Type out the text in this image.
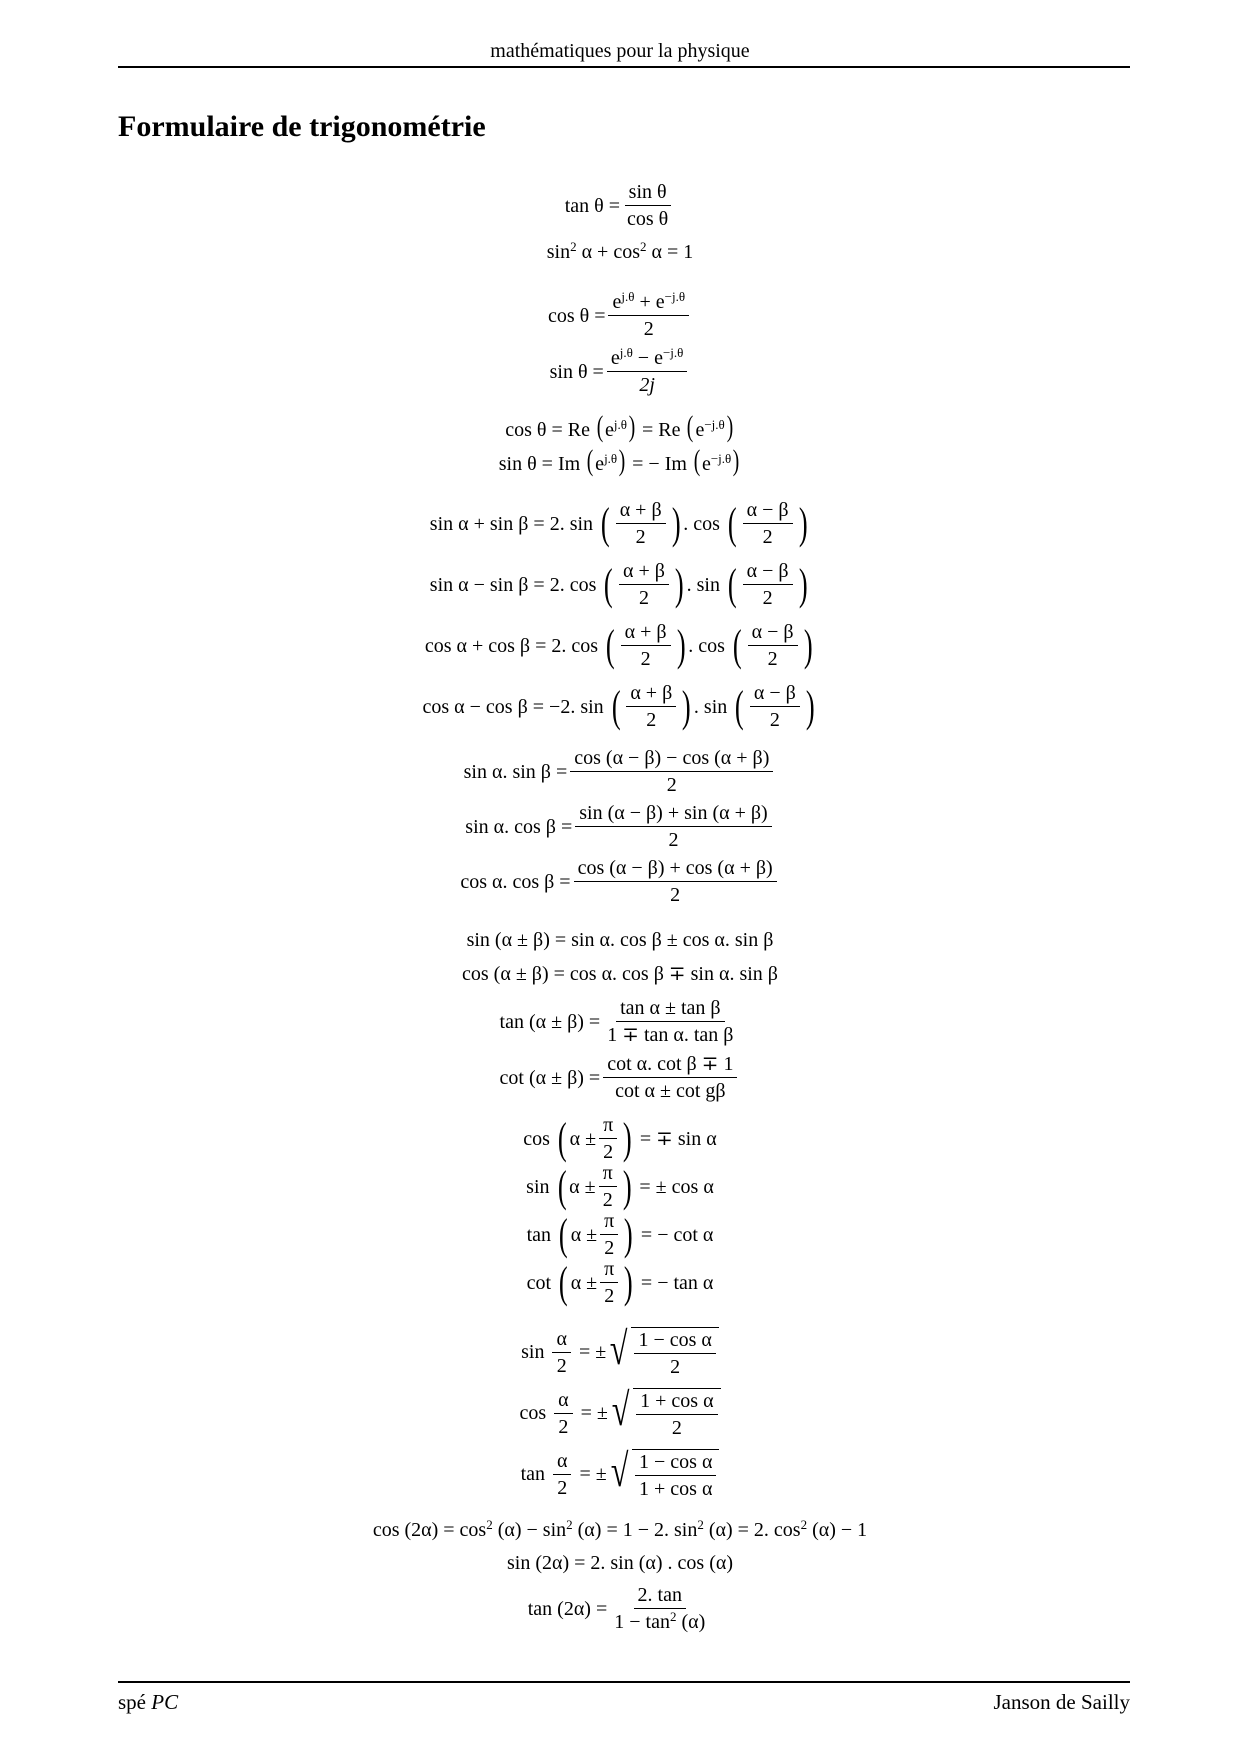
mathématiques pour la physique
Formulaire de trigonométrie
$\tan \theta = \frac{\text{sin θ}}{\text{cos θ}}$
$\sin^2 \alpha + \cos^2 \alpha = 1$
$\cos \theta = \frac{e^{j.\theta} + e^{-j.\theta}}{2}$
$\sin \theta = \frac{e^{j.\theta} - e^{-j.\theta}}{2j}$
cos θ = Re $(e^{j.\theta}) = Re$ $(e^{-j.\theta})$
sin θ = Im $(e^{j.\theta})$ = − Im $(e^{-j.\theta})$
sin α + sin β = 2. sin
( $\frac{\alpha + \beta}{2}$ ) . cos
( $\frac{\alpha - \beta}{2}$ )
sin α − sin β = 2. cos
( $\frac{\alpha + \beta}{2}$ ) . sin
( $\frac{\alpha - \beta}{2}$ )
cos α + cos β = 2. cos
( $\frac{\alpha + \beta}{2}$ ) . cos
( $\frac{\alpha - \beta}{2}$ )
cos α − cos β = −2. sin
( $\frac{\alpha + \beta}{2}$ ) . sin
( $\frac{\alpha - \beta}{2}$ )
sin α. $\sin \beta = \frac{\cos (\alpha - \beta) - \cos (\alpha + \beta)}{2}$
sin α. $\cos \beta = \frac{\sin (\alpha - \beta) + \sin (\alpha + \beta)}{2}$
cos α. $\cos \beta = \frac{\cos (\alpha - \beta) + \cos (\alpha + \beta)}{2}$
sin (α ± β) = sin α. cos β ± cos α. sin β
cos (α ± β) = cos α. cos β ∓ sin α. sin β
$\tan (\alpha \pm \beta) = \frac{\text{tan α ± tan β}}{\text{1 ∓ tan α. tan β}}$
$\cot (\alpha \pm \beta) = \frac{\text{cot α. cot β ∓ 1}}{\text{cot α ± cot gβ}}$
cos
( $\alpha \pm \frac{\pi}{2}$ )
= ∓ sin α
sin
( $\alpha \pm \frac{\pi}{2}$ )
= ± cos α
tan
( $\alpha \pm \frac{\pi}{2}$ )
= − cot α
cot
( $\alpha \pm \frac{\pi}{2}$ )
= − tan α
sin
$\frac{\alpha}{2}$
= ± √ $\frac{\text{1 − cos α}}{2}$
cos
$\frac{\alpha}{2}$
= ± √ $\frac{\text{1 + cos α}}{2}$
tan
$\frac{\alpha}{2}$
= ± √ $\frac{\text{1 − cos α}}{\text{1 + cos α}}$
$\cos (2\alpha) = \cos^2 (\alpha) - \sin^2 (\alpha) = 1 - 2$. $\sin^2 (\alpha) = 2$. $\cos^2 (\alpha) - 1$
sin (2α) = 2. sin (α) . cos (α)
$\tan (2\alpha) = \frac{2. \tan}{1 - \tan^2 (\alpha)}$
spé PC	Janson de Sailly
